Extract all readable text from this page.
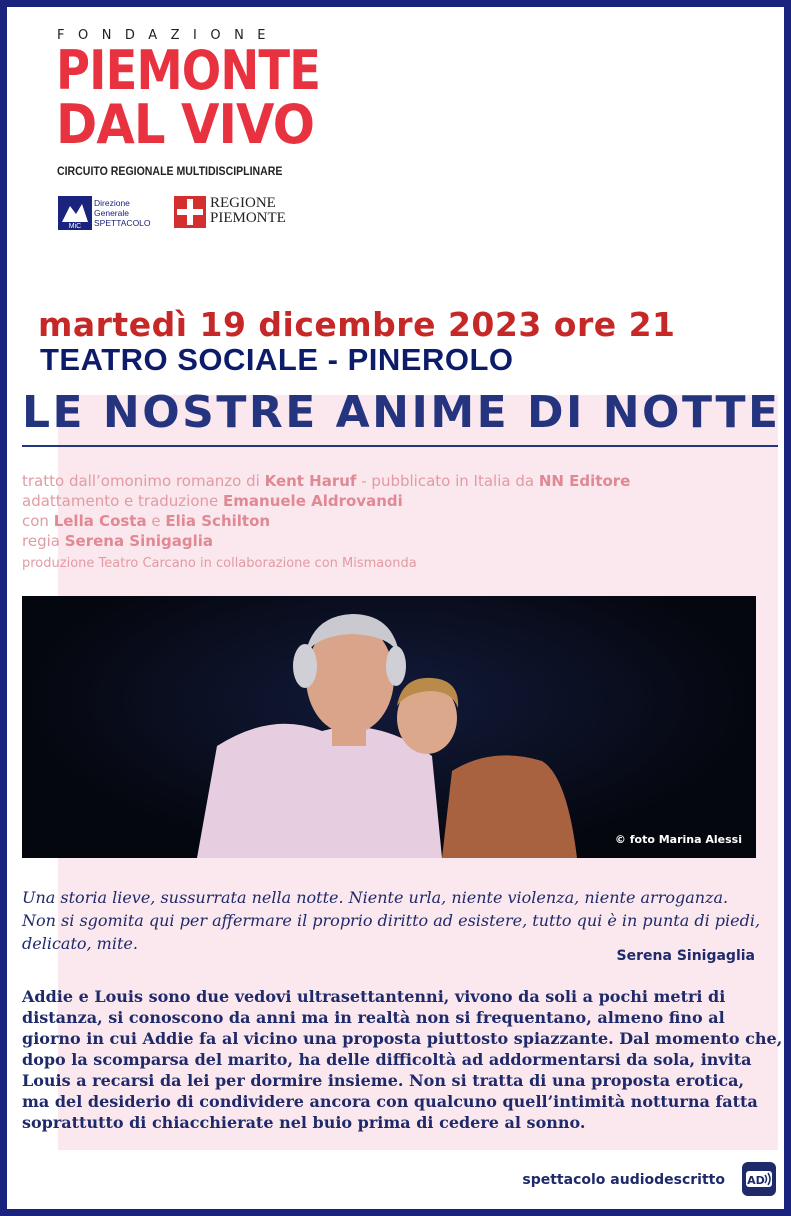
FONDAZIONE
PIEMONTE
DAL VIVO
CIRCUITO REGIONALE MULTIDISCIPLINARE
MiC
Direzione
Generale
SPETTACOLO
REGIONE
PIEMONTE
martedì 19 dicembre 2023 ore 21
TEATRO SOCIALE - PINEROLO
LE NOSTRE ANIME DI NOTTE
tratto dall’omonimo romanzo di Kent Haruf - pubblicato in Italia da NN Editore
adattamento e traduzione Emanuele Aldrovandi
con Lella Costa e Elia Schilton
regia Serena Sinigaglia
produzione Teatro Carcano in collaborazione con Mismaonda
© foto Marina Alessi
Una storia lieve, sussurrata nella notte. Niente urla, niente violenza, niente arroganza.
Non si sgomita qui per affermare il proprio diritto ad esistere, tutto qui è in punta di piedi,
delicato, mite.
Serena Sinigaglia
Addie e Louis sono due vedovi ultrasettantenni, vivono da soli a pochi metri di
distanza, si conoscono da anni ma in realtà non si frequentano, almeno fino al
giorno in cui Addie fa al vicino una proposta piuttosto spiazzante. Dal momento che,
dopo la scomparsa del marito, ha delle difficoltà ad addormentarsi da sola, invita
Louis a recarsi da lei per dormire insieme. Non si tratta di una proposta erotica,
ma del desiderio di condividere ancora con qualcuno quell’intimità notturna fatta
soprattutto di chiacchierate nel buio prima di cedere al sonno.
spettacolo audiodescritto AD
